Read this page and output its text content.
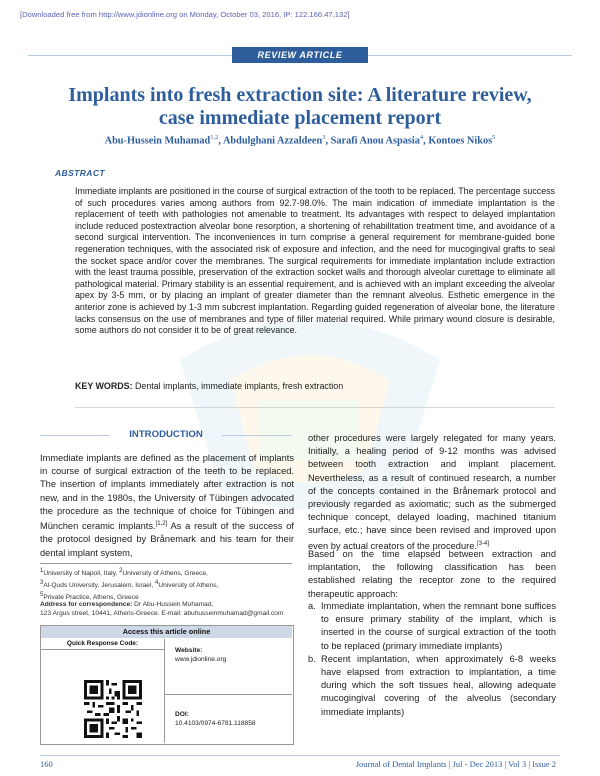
[Downloaded free from http://www.jdionline.org on Monday, October 03, 2016, IP: 122.166.47.132]
REVIEW ARTICLE
Implants into fresh extraction site: A literature review,
case immediate placement report
Abu-Hussein Muhamad$^{1,2}$, Abdulghani Azzaldeen$^3$, Sarafi Anou Aspasia$^4$, Kontoes Nikos$^5$
ABSTRACT
Immediate implants are positioned in the course of surgical extraction of the tooth to be replaced. The percentage success of such procedures varies among authors from 92.7-98.0%. The main indication of immediate implantation is the replacement of teeth with pathologies not amenable to treatment. Its advantages with respect to delayed implantation include reduced postextraction alveolar bone resorption, a shortening of rehabilitation treatment time, and avoidance of a second surgical intervention. The inconveniences in turn comprise a general requirement for membrane-guided bone regeneration techniques, with the associated risk of exposure and infection, and the need for mucogingival grafts to seal the socket space and/or cover the membranes. The surgical requirements for immediate implantation include extraction with the least trauma possible, preservation of the extraction socket walls and thorough alveolar curettage to eliminate all pathological material. Primary stability is an essential requirement, and is achieved with an implant exceeding the alveolar apex by 3-5 mm, or by placing an implant of greater diameter than the remnant alveolus. Esthetic emergence in the anterior zone is achieved by 1-3 mm subcrest implantation. Regarding guided regeneration of alveolar bone, the literature lacks consensus on the use of membranes and type of filler material required. While primary wound closure is desirable, some authors do not consider it to be of great relevance.
KEY WORDS: Dental implants, immediate implants, fresh extraction
INTRODUCTION
Immediate implants are defined as the placement of implants in course of surgical extraction of the teeth to be replaced. The insertion of implants immediately after extraction is not new, and in the 1980s, the University of Tübingen advocated the procedure as the technique of choice for Tübingen and München ceramic implants.[1,2] As a result of the success of the protocol designed by Brånemark and his team for their dental implant system,
$^1$University of Napoli, Italy, $^2$University of Athens, Greece,
$^3$Al-Quds University, Jerusalem, Israel, $^4$University of Athens,
$^5$Private Practice, Athens, Greece
Address for correspondence: Dr Abu-Hussein Muhamad,
123 Argus street, 10441, Athens-Greece. E-mail: abuhusseinmuhamad@gmail.com
Access this article online
Quick Response Code:
Website:
www.jdionline.org
DOI:
10.4103/0974-6781.118858
other procedures were largely relegated for many years. Initially, a healing period of 9-12 months was advised between tooth extraction and implant placement. Nevertheless, as a result of continued research, a number of the concepts contained in the Brånemark protocol and previously regarded as axiomatic; such as the submerged technique concept, delayed loading, machined titanium surface, etc.; have since been revised and improved upon even by actual creators of the procedure.[3-4]
Based on the time elapsed between extraction and implantation, the following classification has been established relating the receptor zone to the required therapeutic approach:
a. Immediate implantation, when the remnant bone suffices to ensure primary stability of the implant, which is inserted in the course of surgical extraction of the tooth to be replaced (primary immediate implants)
b. Recent implantation, when approximately 6-8 weeks have elapsed from extraction to implantation, a time during which the soft tissues heal, allowing adequate mucogingival covering of the alveolus (secondary immediate implants)
160	Journal of Dental Implants | Jul - Dec 2013 | Vol 3 | Issue 2
